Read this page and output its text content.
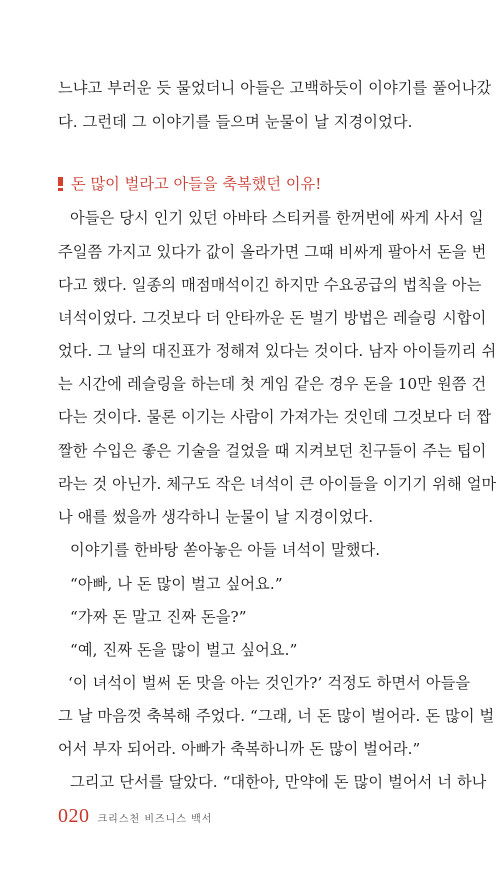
느냐고 부러운 듯 물었더니 아들은 고백하듯이 이야기를 풀어나갔
다. 그런데 그 이야기를 들으며 눈물이 날 지경이었다.
돈 많이 벌라고 아들을 축복했던 이유!
아들은 당시 인기 있던 아바타 스티커를 한꺼번에 싸게 사서 일
주일쯤 가지고 있다가 값이 올라가면 그때 비싸게 팔아서 돈을 번
다고 했다. 일종의 매점매석이긴 하지만 수요공급의 법칙을 아는
녀석이었다. 그것보다 더 안타까운 돈 벌기 방법은 레슬링 시합이
었다. 그 날의 대진표가 정해져 있다는 것이다. 남자 아이들끼리 쉬
는 시간에 레슬링을 하는데 첫 게임 같은 경우 돈을 10만 원쯤 건
다는 것이다. 물론 이기는 사람이 가져가는 것인데 그것보다 더 짭
짤한 수입은 좋은 기술을 걸었을 때 지켜보던 친구들이 주는 팁이
라는 것 아닌가. 체구도 작은 녀석이 큰 아이들을 이기기 위해 얼마
나 애를 썼을까 생각하니 눈물이 날 지경이었다.
이야기를 한바탕 쏟아놓은 아들 녀석이 말했다.
“아빠, 나 돈 많이 벌고 싶어요.”
“가짜 돈 말고 진짜 돈을?”
“예, 진짜 돈을 많이 벌고 싶어요.”
‘이 녀석이 벌써 돈 맛을 아는 것인가?’ 걱정도 하면서 아들을
그 날 마음껏 축복해 주었다. “그래, 너 돈 많이 벌어라. 돈 많이 벌
어서 부자 되어라. 아빠가 축복하니까 돈 많이 벌어라.”
그리고 단서를 달았다. “대한아, 만약에 돈 많이 벌어서 너 하나
020 크리스천 비즈니스 백서
